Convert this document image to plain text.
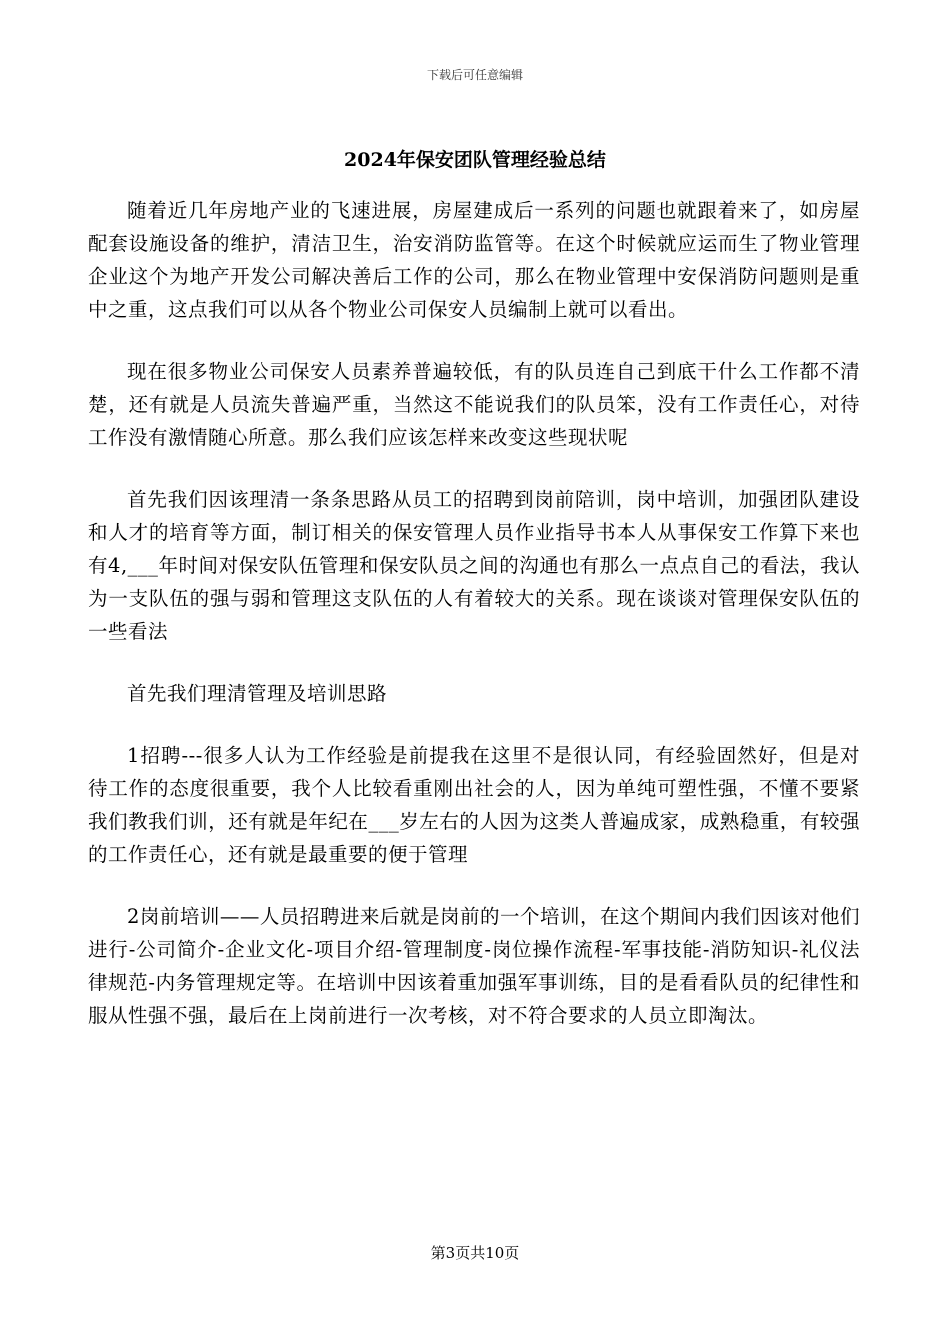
下载后可任意编辑
2024年保安团队管理经验总结

随着近几年房地产业的飞速进展，房屋建成后一系列的问题也就跟着来了，如房屋配套设施设备的维护，清洁卫生，治安消防监管等。在这个时候就应运而生了物业管理企业这个为地产开发公司解决善后工作的公司，那么在物业管理中安保消防问题则是重中之重，这点我们可以从各个物业公司保安人员编制上就可以看出。

现在很多物业公司保安人员素养普遍较低，有的队员连自己到底干什么工作都不清楚，还有就是人员流失普遍严重，当然这不能说我们的队员笨，没有工作责任心，对待工作没有激情随心所意。那么我们应该怎样来改变这些现状呢

首先我们因该理清一条条思路从员工的招聘到岗前陪训，岗中培训，加强团队建设和人才的培育等方面，制订相关的保安管理人员作业指导书本人从事保安工作算下来也有4,___年时间对保安队伍管理和保安队员之间的沟通也有那么一点点自己的看法，我认为一支队伍的强与弱和管理这支队伍的人有着较大的关系。现在谈谈对管理保安队伍的一些看法

首先我们理清管理及培训思路

1招聘---很多人认为工作经验是前提我在这里不是很认同，有经验固然好，但是对待工作的态度很重要，我个人比较看重刚出社会的人，因为单纯可塑性强，不懂不要紧我们教我们训，还有就是年纪在___岁左右的人因为这类人普遍成家，成熟稳重，有较强的工作责任心，还有就是最重要的便于管理

2岗前培训——人员招聘进来后就是岗前的一个培训，在这个期间内我们因该对他们进行-公司简介-企业文化-项目介绍-管理制度-岗位操作流程-军事技能-消防知识-礼仪法律规范-内务管理规定等。在培训中因该着重加强军事训练，目的是看看队员的纪律性和服从性强不强，最后在上岗前进行一次考核，对不符合要求的人员立即淘汰。

第3页共10页
